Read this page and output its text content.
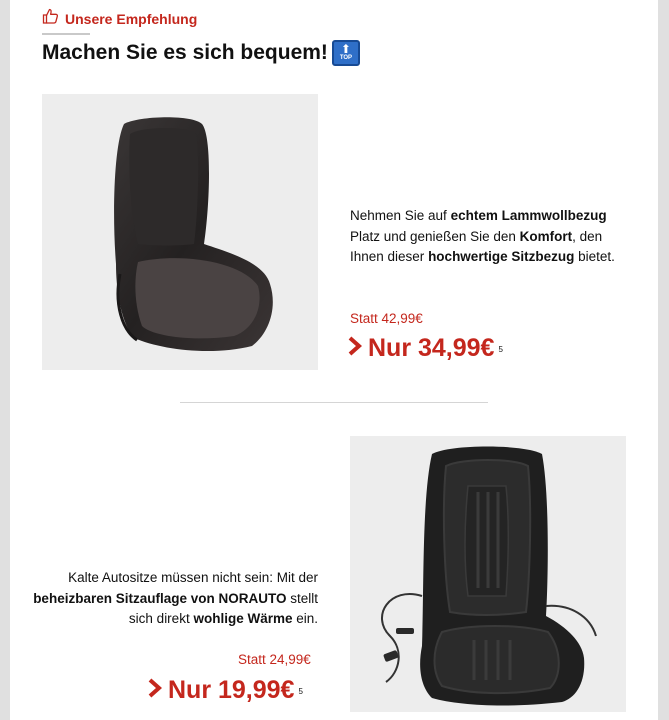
Unsere Empfehlung
Machen Sie es sich bequem! ⬆
TOP
Nehmen Sie auf echtem Lammwollbezug Platz und genießen Sie den Komfort, den Ihnen dieser hochwertige Sitzbezug bietet.
Statt 42,99€
Nur 34,99€ 5
Kalte Autositze müssen nicht sein: Mit der beheizbaren Sitzauflage von NORAUTO stellt sich direkt wohlige Wärme ein.
Statt 24,99€
Nur 19,99€ 5
